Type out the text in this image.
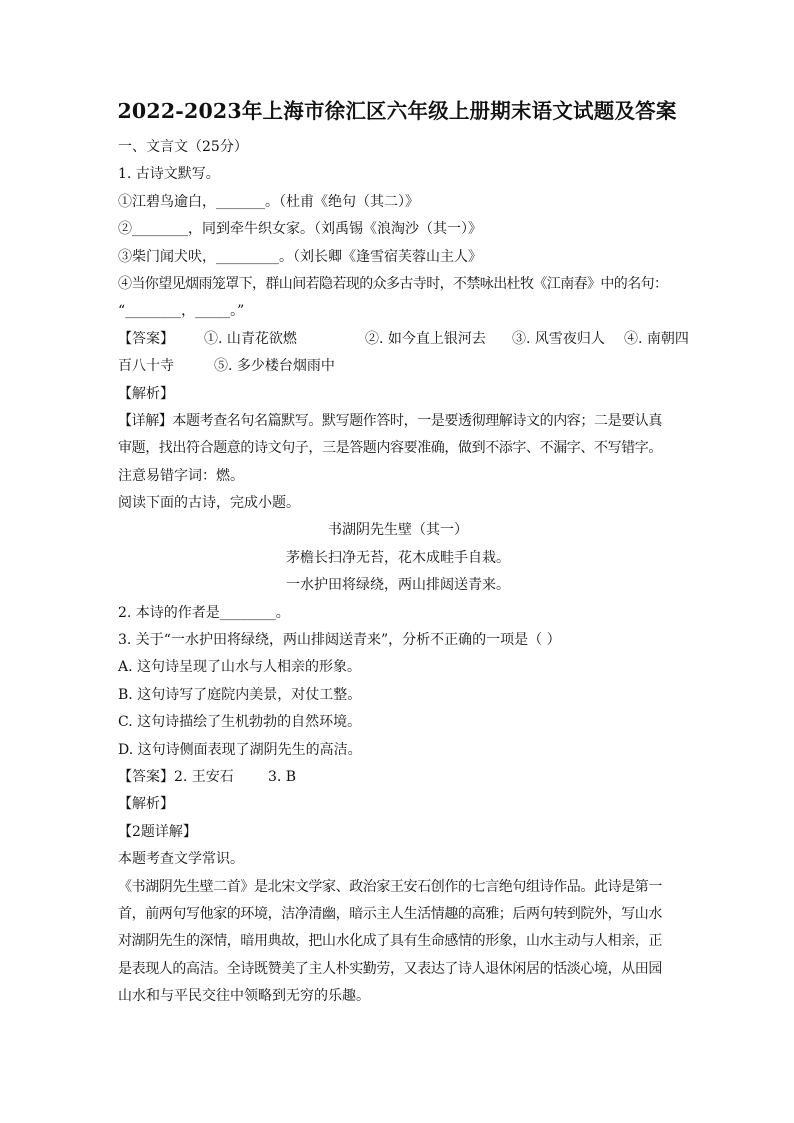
2022-2023年上海市徐汇区六年级上册期末语文试题及答案
一、文言文（25分）
1. 古诗文默写。
①江碧鸟逾白，_______。（杜甫《绝句（其二）》
②________，同到牵牛织女家。（刘禹锡《浪淘沙（其一）》
③柴门闻犬吠，_________。（刘长卿《逢雪宿芙蓉山主人》
④当你望见烟雨笼罩下，群山间若隐若现的众多古寺时，不禁咏出杜牧《江南春》中的名句：
“________，_____。”
【答案】 ①. 山青花欲燃	②. 如今直上银河去 ③. 风雪夜归人 ④. 南朝四
百八十寺	⑤. 多少楼台烟雨中
【解析】
【详解】本题考查名句名篇默写。默写题作答时，一是要透彻理解诗文的内容；二是要认真
审题，找出符合题意的诗文句子，三是答题内容要准确，做到不添字、不漏字、不写错字。
注意易错字词：燃。
阅读下面的古诗，完成小题。
书湖阴先生壁（其一）
茅檐长扫净无苔，花木成畦手自栽。
一水护田将绿绕，两山排闼送青来。
2. 本诗的作者是________。
3. 关于“一水护田将绿绕，两山排闼送青来”，分析不正确的一项是（ ）
A. 这句诗呈现了山水与人相亲的形象。
B. 这句诗写了庭院内美景，对仗工整。
C. 这句诗描绘了生机勃勃的自然环境。
D. 这句诗侧面表现了湖阴先生的高洁。
【答案】2. 王安石 3. B
【解析】
【2题详解】
本题考查文学常识。
《书湖阴先生壁二首》是北宋文学家、政治家王安石创作的七言绝句组诗作品。此诗是第一
首，前两句写他家的环境，洁净清幽，暗示主人生活情趣的高雅；后两句转到院外，写山水
对湖阴先生的深情，暗用典故，把山水化成了具有生命感情的形象，山水主动与人相亲，正
是表现人的高洁。全诗既赞美了主人朴实勤劳，又表达了诗人退休闲居的恬淡心境，从田园
山水和与平民交往中领略到无穷的乐趣。
